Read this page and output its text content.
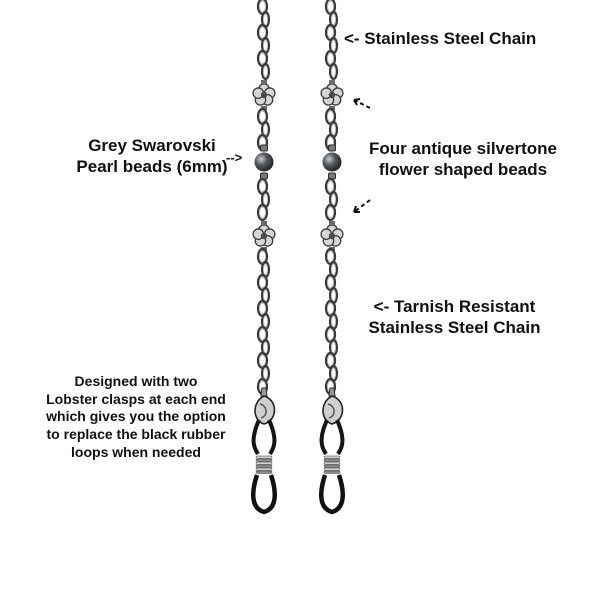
<- Stainless Steel Chain
Grey Swarovski
Pearl beads (6mm)
-->	Four antique silvertone
flower shaped beads
<- Tarnish Resistant
Stainless Steel Chain
Designed with two
Lobster clasps at each end
which gives you the option
to replace the black rubber
loops when needed
